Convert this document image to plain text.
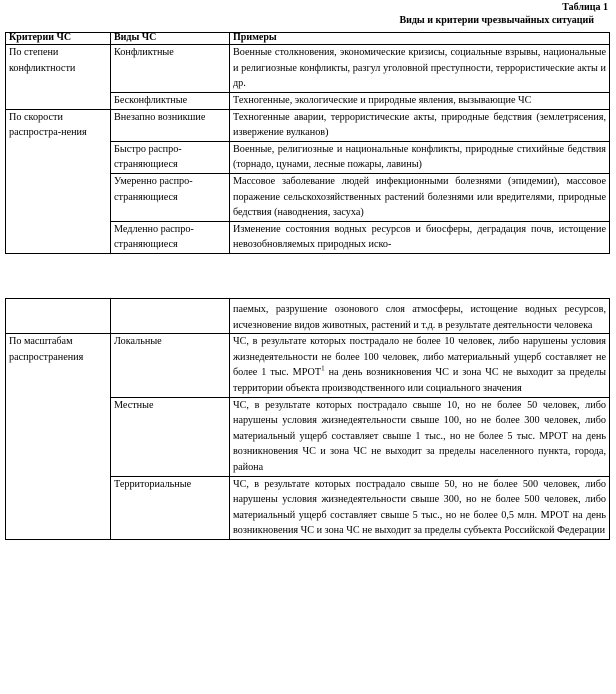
Таблица 1
Виды и критерии чрезвычайных ситуаций
Критерии ЧС	Виды ЧС	Примеры
По степени конфликтности	Конфликтные	Военные столкновения, экономические кризисы, социальные взрывы, национальные и религиозные конфликты, разгул уголовной преступности, террористические акты и др.
	Бесконфликтные	Техногенные, экологические и природные явления, вызывающие ЧС
По скорости распростра-нения	Внезапно возникшие	Техногенные аварии, террористические акты, природные бедствия (землетрясения, извержение вулканов)
	Быстро распро-страняющиеся	Военные, религиозные и национальные конфликты, природные стихийные бедствия (торнадо, цунами, лесные пожары, лавины)
	Умеренно распро-страняющиеся	Массовое заболевание людей инфекционными болезнями (эпидемии), массовое поражение сельскохозяйственных растений болезнями или вредителями, природные бедствия (наводнения, засуха)
	Медленно распро-страняющиеся	Изменение состояния водных ресурсов и биосферы, деградация почв, истощение невозобновляемых природных иско-
		паемых, разрушение озонового слоя атмосферы, истощение водных ресурсов, исчезновение видов животных, растений и т.д. в результате деятельности человека
По масштабам распространения	Локальные	ЧС, в результате которых пострадало не более 10 человек, либо нарушены условия жизнедеятельности не более 100 человек, либо материальный ущерб составляет не более 1 тыс. МРОТ$^1$ на день возникновения ЧС и зона ЧС не выходит за пределы территории объекта производственного или социального значения
	Местные	ЧС, в результате которых пострадало свыше 10, но не более 50 человек, либо нарушены условия жизнедеятельности свыше 100, но не более 300 человек, либо материальный ущерб составляет свыше 1 тыс., но не более 5 тыс. МРОТ на день возникновения ЧС и зона ЧС не выходит за пределы населенного пункта, города, района
	Территориальные	ЧС, в результате которых пострадало свыше 50, но не более 500 человек, либо нарушены условия жизнедеятельности свыше 300, но не более 500 человек, либо материальный ущерб составляет свыше 5 тыс., но не более 0,5 млн. МРОТ на день возникновения ЧС и зона ЧС не выходит за пределы субъекта Российской Федерации
